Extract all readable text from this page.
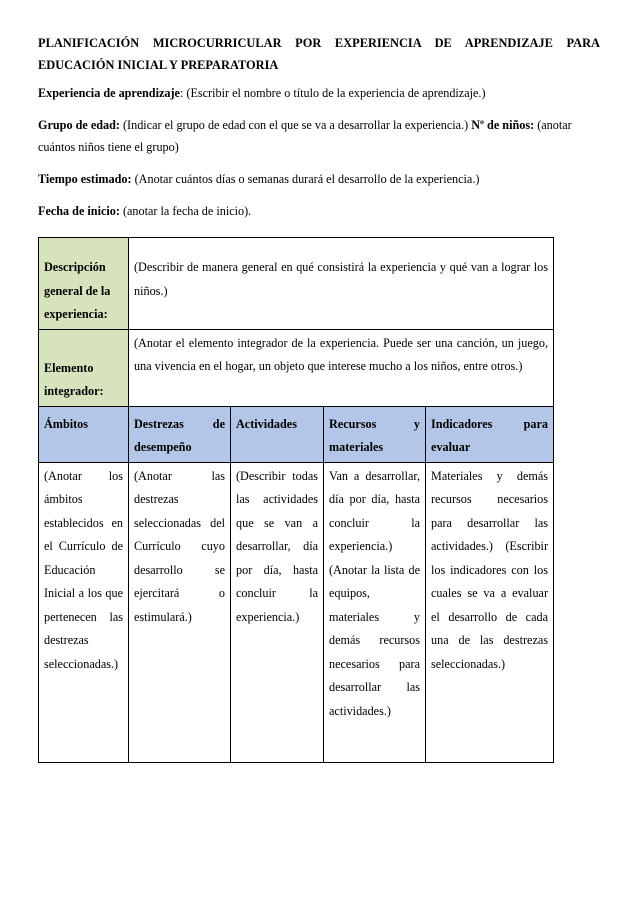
PLANIFICACIÓN MICROCURRICULAR POR EXPERIENCIA DE APRENDIZAJE PARA EDUCACIÓN INICIAL Y PREPARATORIA

Experiencia de aprendizaje: (Escribir el nombre o título de la experiencia de aprendizaje.)

Grupo de edad: (Indicar el grupo de edad con el que se va a desarrollar la experiencia.) Nº de niños: (anotar cuántos niños tiene el grupo)

Tiempo estimado: (Anotar cuántos días o semanas durará el desarrollo de la experiencia.)

Fecha de inicio: (anotar la fecha de inicio).

Descripción general de la experiencia:	(Describir de manera general en qué consistirá la experiencia y qué van a lograr los niños.)			
Elemento integrador:	(Anotar el elemento integrador de la experiencia. Puede ser una canción, un juego, una vivencia en el hogar, un objeto que interese mucho a los niños, entre otros.)			
Ámbitos	Destrezas de desempeño	Actividades	Recursos y materiales	Indicadores para evaluar
(Anotar los ámbitos establecidos en el Currículo de Educación Inicial a los que pertenecen las destrezas seleccionadas.)	(Anotar las destrezas seleccionadas del Currículo cuyo desarrollo se ejercitará o estimulará.)	(Describir todas las actividades que se van a desarrollar, día por día, hasta concluir la experiencia.)	Van a desarrollar, día por día, hasta concluir la experiencia.) (Anotar la lista de equipos, materiales y demás recursos necesarios para desarrollar las actividades.)	Materiales y demás recursos necesarios para desarrollar las actividades.) (Escribir los indicadores con los cuales se va a evaluar el desarrollo de cada una de las destrezas seleccionadas.)
